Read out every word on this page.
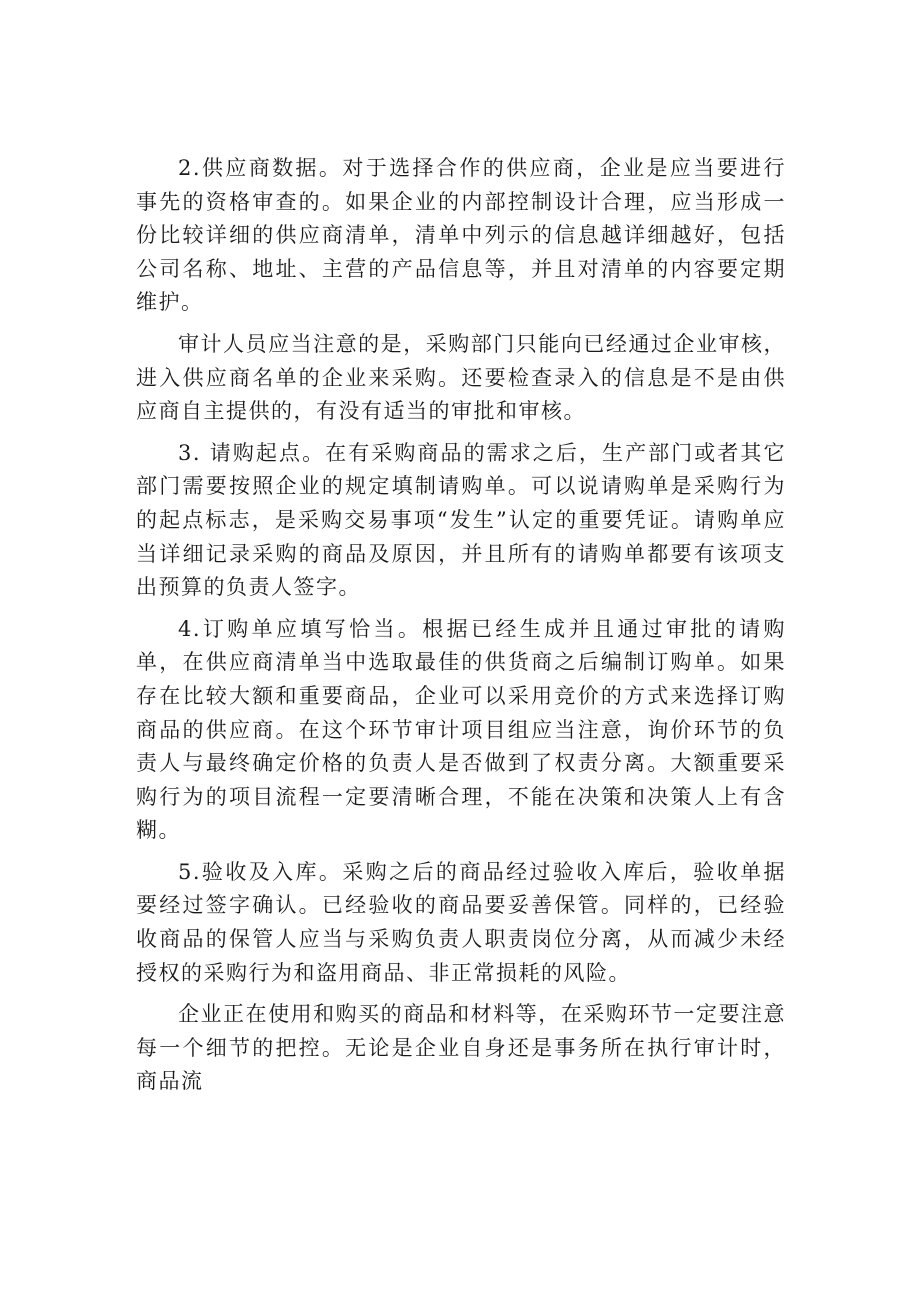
2.供应商数据。对于选择合作的供应商，企业是应当要进行事先的资格审查的。如果企业的内部控制设计合理，应当形成一份比较详细的供应商清单，清单中列示的信息越详细越好，包括公司名称、地址、主营的产品信息等，并且对清单的内容要定期维护。

审计人员应当注意的是，采购部门只能向已经通过企业审核，进入供应商名单的企业来采购。还要检查录入的信息是不是由供应商自主提供的，有没有适当的审批和审核。

3. 请购起点。在有采购商品的需求之后，生产部门或者其它部门需要按照企业的规定填制请购单。可以说请购单是采购行为的起点标志，是采购交易事项“发生”认定的重要凭证。请购单应当详细记录采购的商品及原因，并且所有的请购单都要有该项支出预算的负责人签字。

4.订购单应填写恰当。根据已经生成并且通过审批的请购单，在供应商清单当中选取最佳的供货商之后编制订购单。如果存在比较大额和重要商品，企业可以采用竞价的方式来选择订购商品的供应商。在这个环节审计项目组应当注意，询价环节的负责人与最终确定价格的负责人是否做到了权责分离。大额重要采购行为的项目流程一定要清晰合理，不能在决策和决策人上有含糊。

5.验收及入库。采购之后的商品经过验收入库后，验收单据要经过签字确认。已经验收的商品要妥善保管。同样的，已经验收商品的保管人应当与采购负责人职责岗位分离，从而减少未经授权的采购行为和盗用商品、非正常损耗的风险。

企业正在使用和购买的商品和材料等，在采购环节一定要注意每一个细节的把控。无论是企业自身还是事务所在执行审计时，商品流
